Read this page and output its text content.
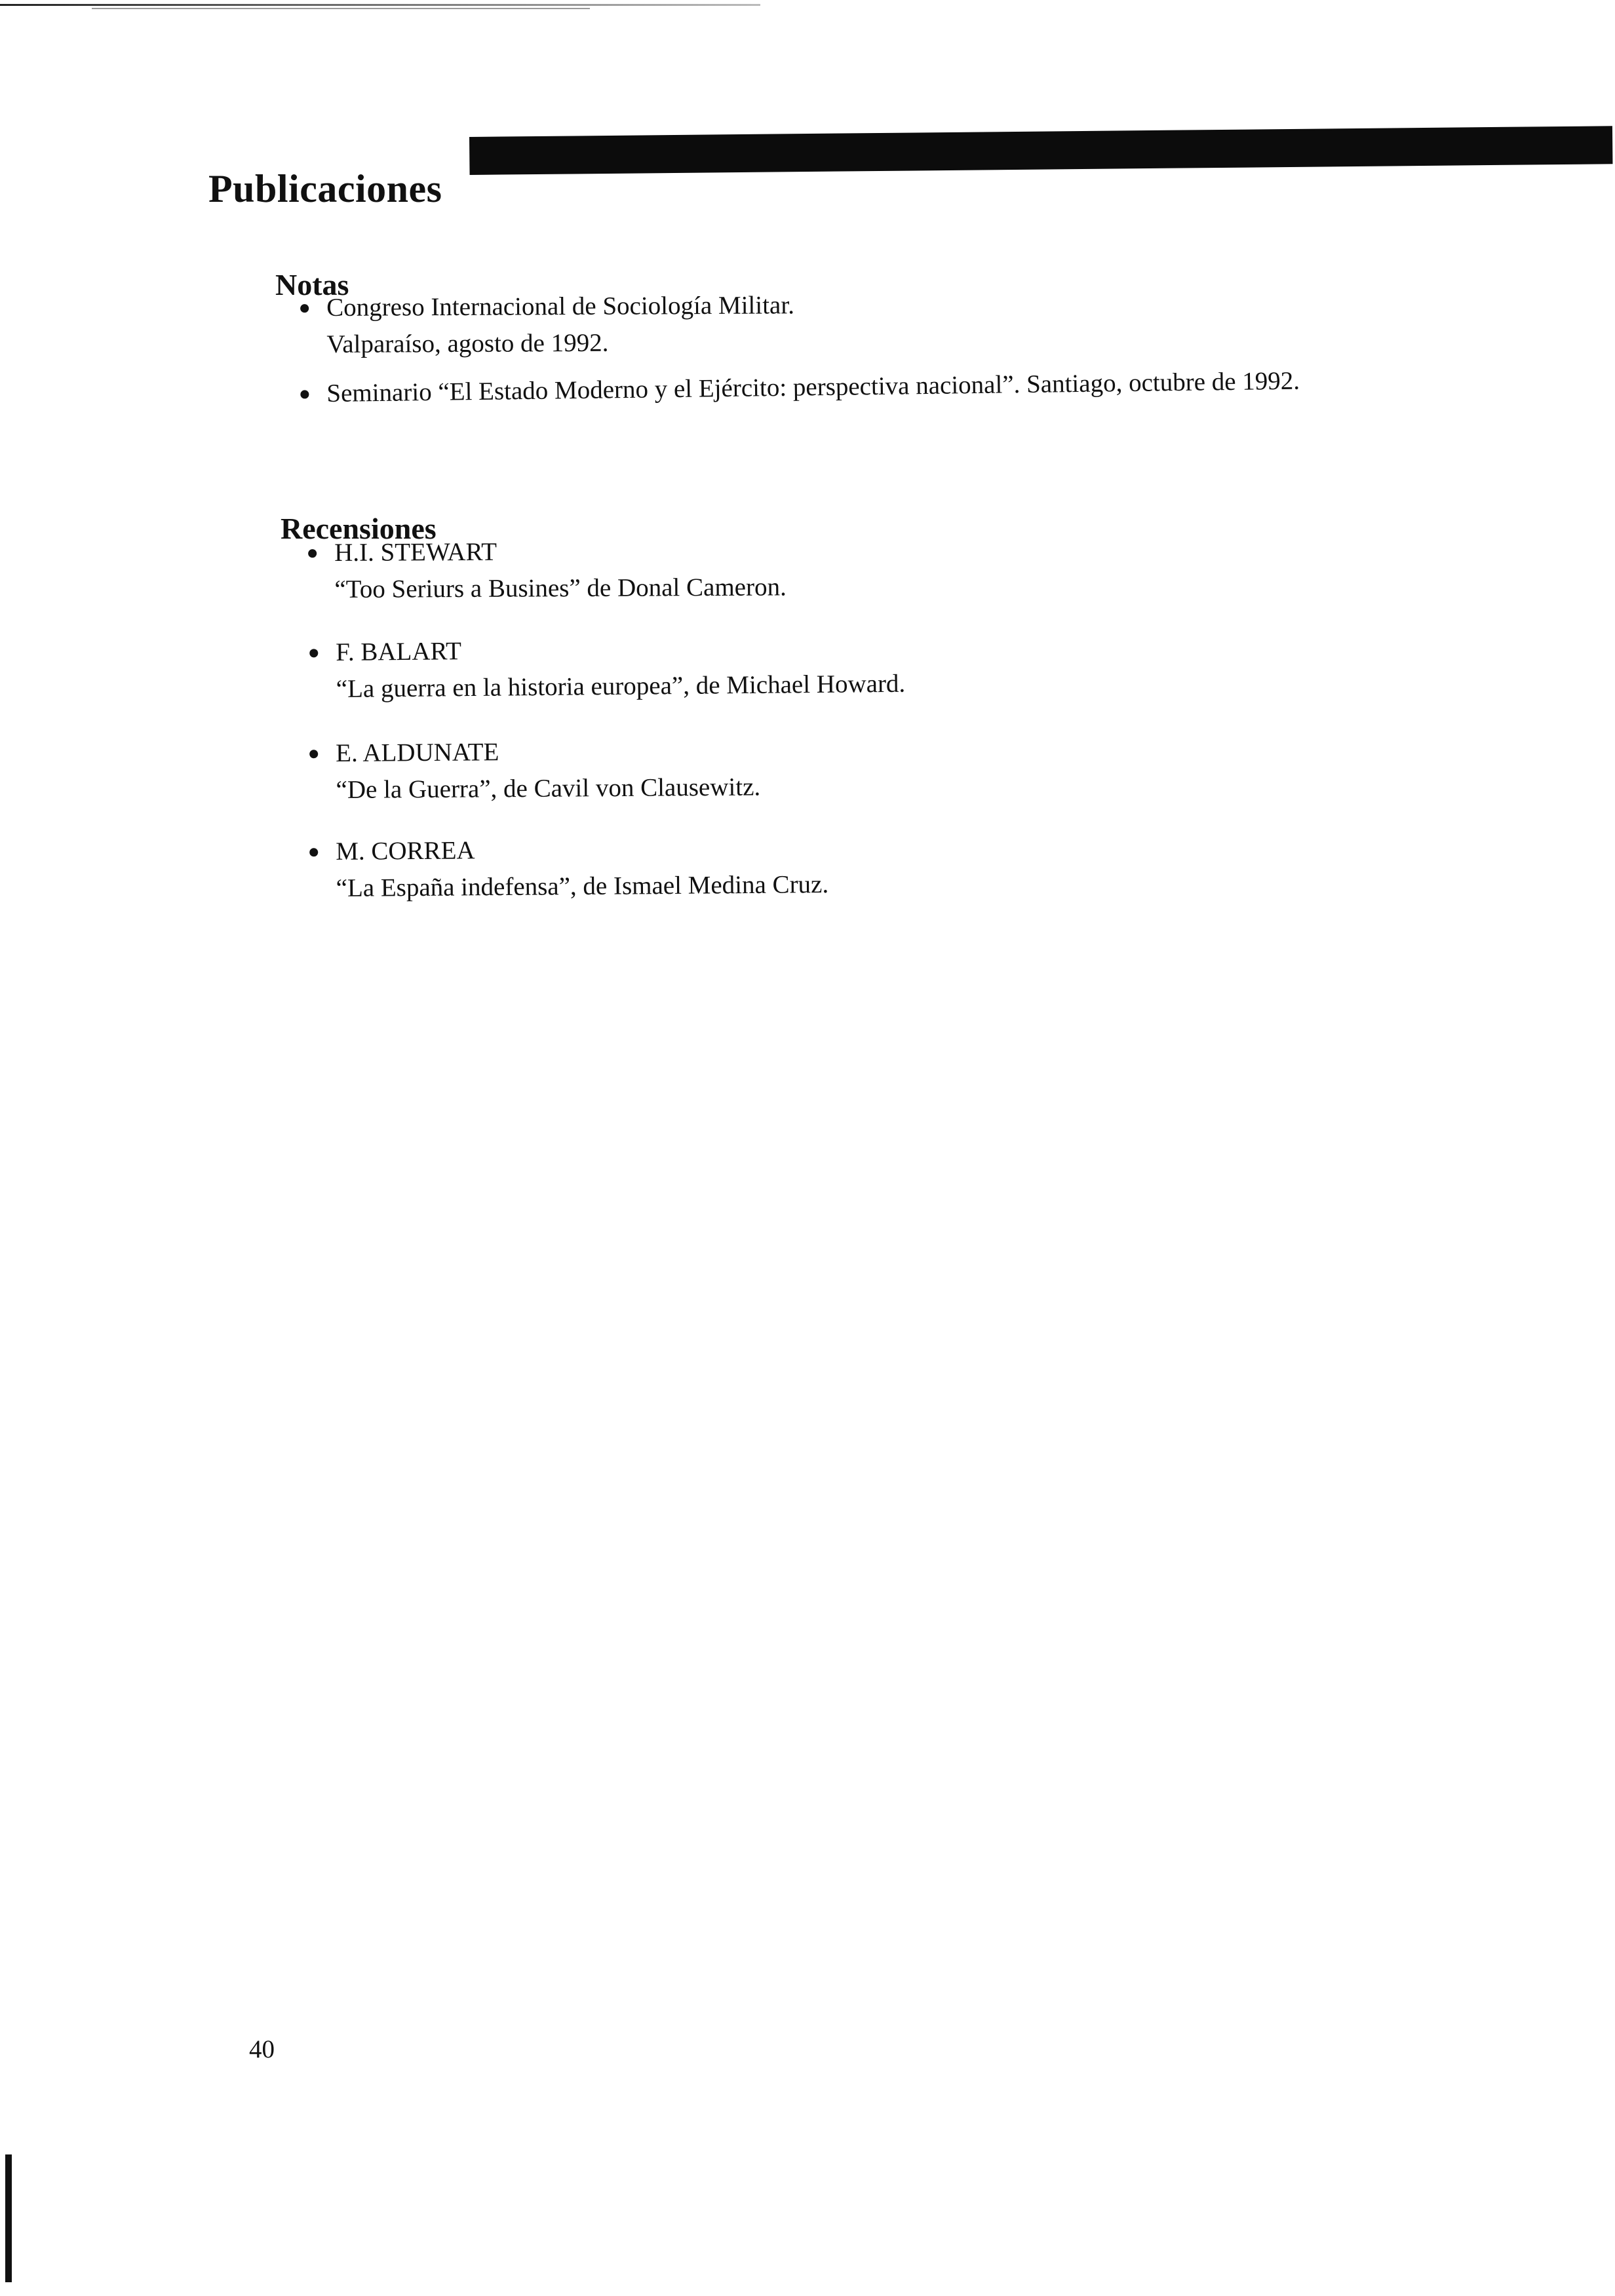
Publicaciones
Notas
Congreso Internacional de Sociología Militar.
Valparaíso, agosto de 1992.
Seminario “El Estado Moderno y el Ejército: perspectiva nacional”. Santiago, octubre de 1992.
Recensiones
H.I. STEWART
“Too Seriurs a Busines” de Donal Cameron.
F. BALART
“La guerra en la historia europea”, de Michael Howard.
E. ALDUNATE
“De la Guerra”, de Cavil von Clausewitz.
M. CORREA
“La España indefensa”, de Ismael Medina Cruz.
40
